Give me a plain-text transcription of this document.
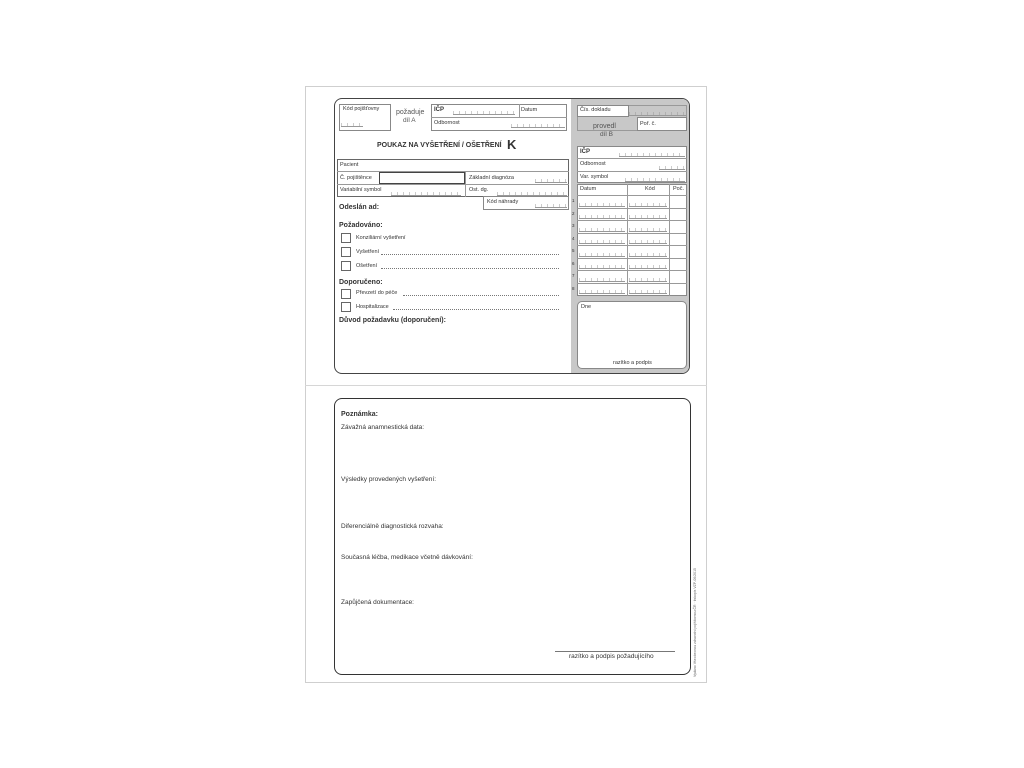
Kód pojišťovny požaduje
díl A
IČP	Datum
Odbornost
POUKAZ NA VYŠETŘENÍ / OŠETŘENÍ K
Pacient
Č. pojištěnce	Základní diagnóza
Variabilní symbol	Ost. dg.
Kód náhrady
Odeslán ad:
Požadováno:
Konziliární vyšetření
Vyšetření
Ošetření
Doporučeno:
Převzetí do péče
Hospitalizace
Důvod požadavku (doporučení):
Čís. dokladu
provedl
díl B
Poř. č.
IČP
Odbornost
Var. symbol
Datum	Kód	Poč.
1
2
3
4
5
6
7
8
Dne
razítko a podpis
Poznámka:
Závažná anamnestická data:
Výsledky provedených vyšetření:
Diferenciálně diagnostická rozvaha:
Současná léčba, medikace včetně dávkování:
Zapůjčená dokumentace:
razítko a podpis požadujícího	Vydáno Všeobecnou zdravotní pojišťovnou ČR · tiskopis VZP-06/2015
